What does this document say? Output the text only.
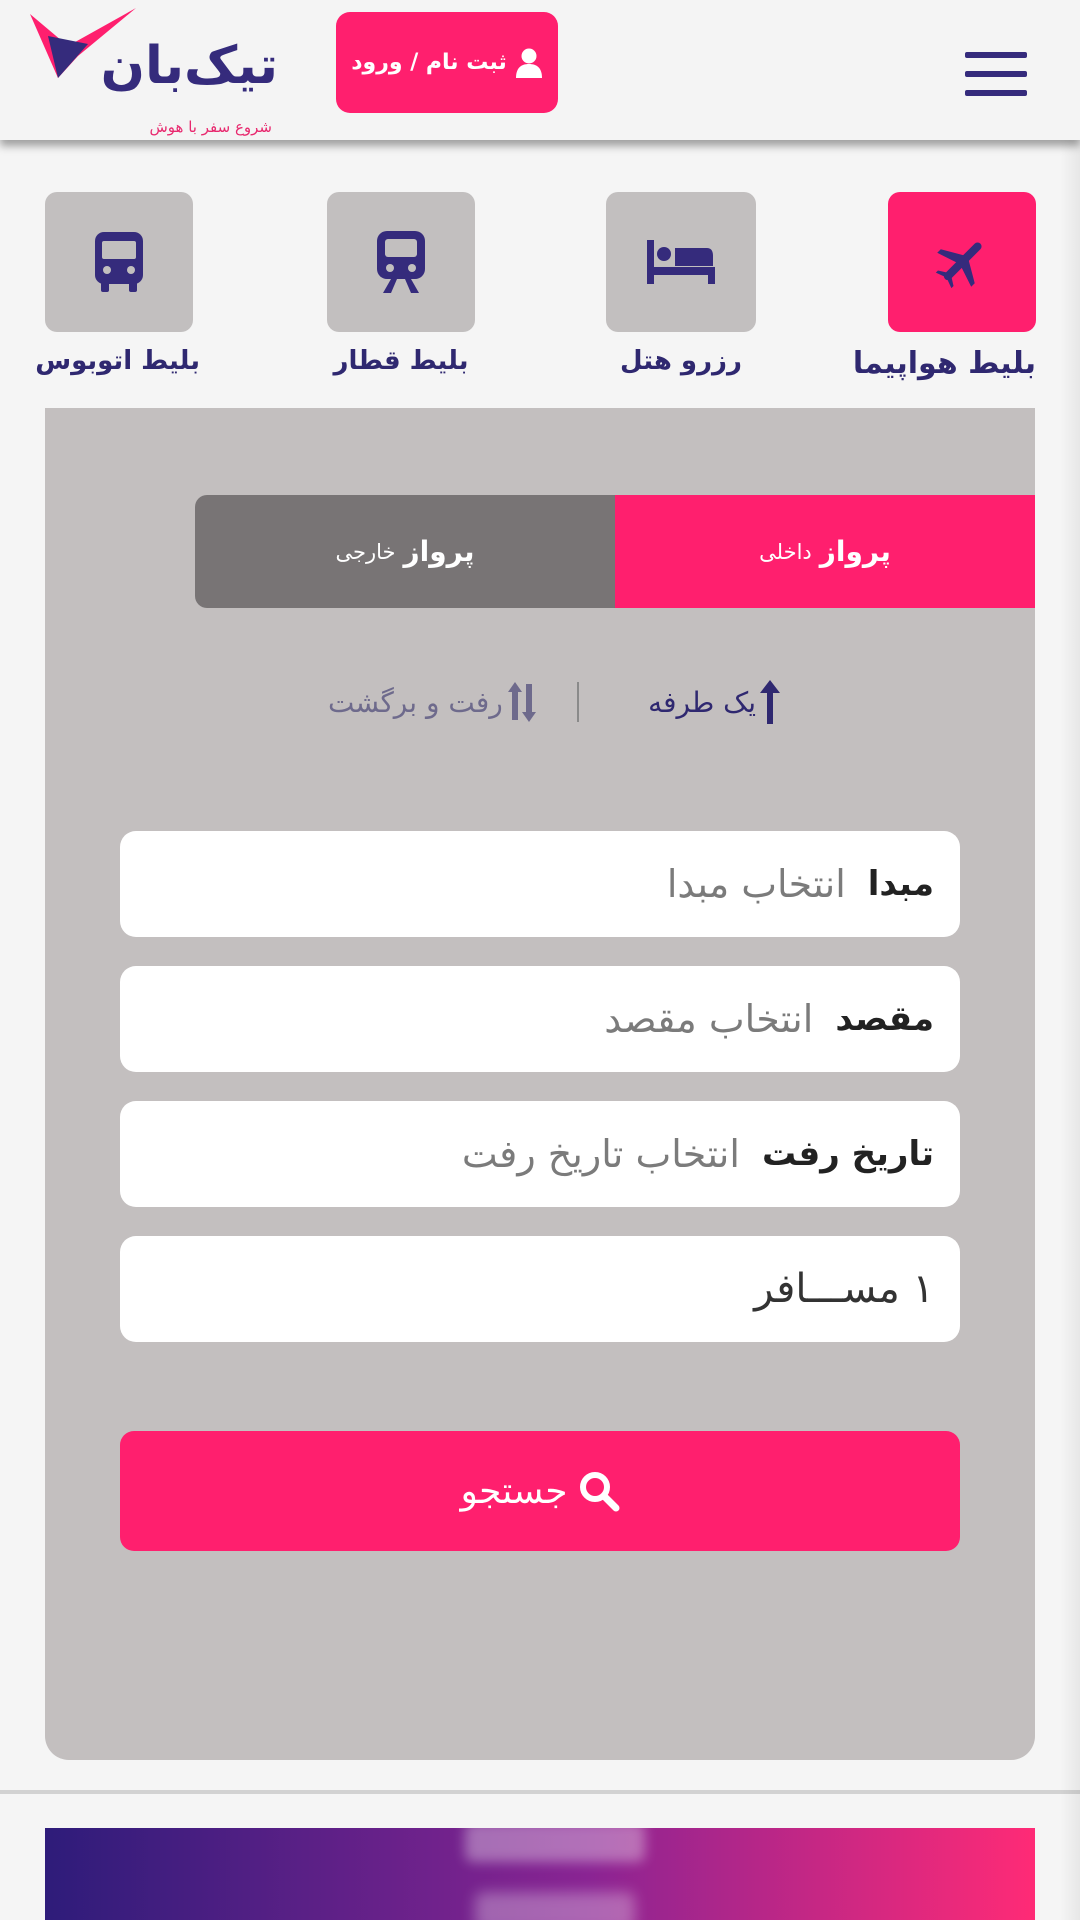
تیک‌بان
شروع سفر با هوش
ثبت نام / ورود
بلیط هواپیما
رزرو هتل
بلیط قطار
بلیط اتوبوس
پرواز
داخلی
پرواز
خارجی
یک طرفه
رفت و برگشت
مبدا
انتخاب مبدا
مقصد
انتخاب مقصد
تاریخ رفت
انتخاب تاریخ رفت
۱ مســـافر
جستجو
